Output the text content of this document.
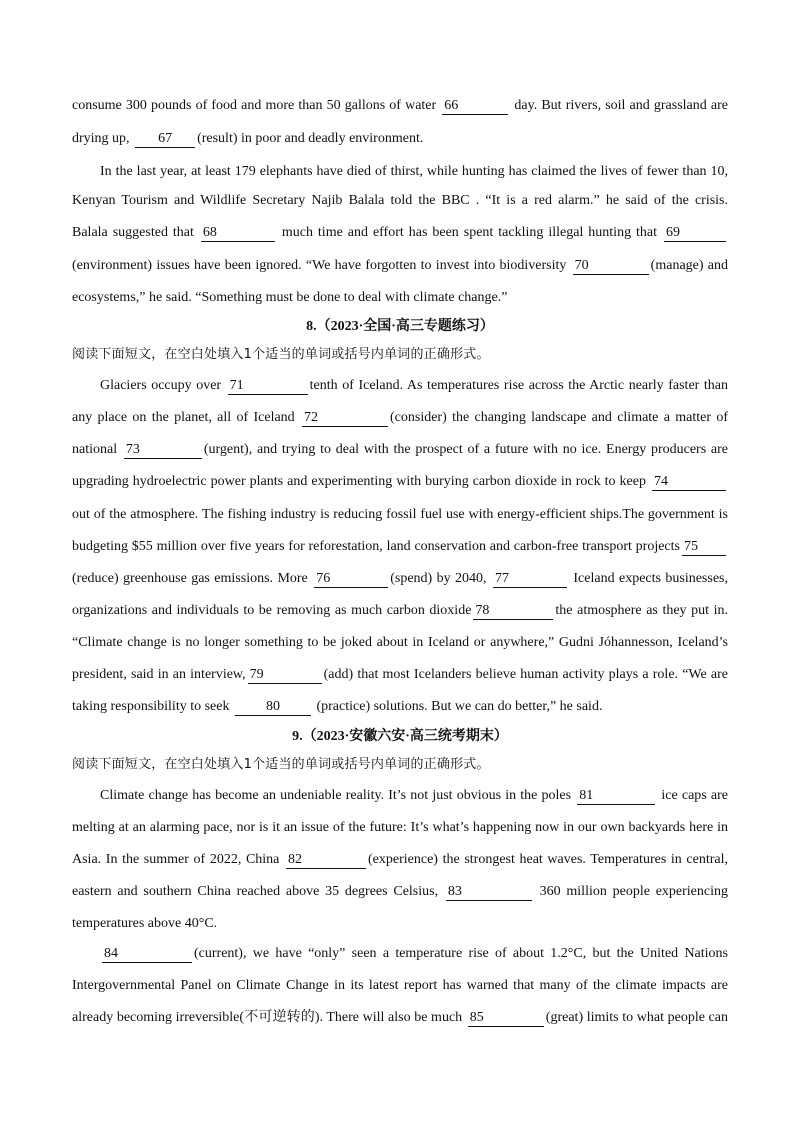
consume 300 pounds of food and more than 50 gallons of water 66	day. But rivers, soil and grassland are
drying up, 67 (result) in poor and deadly environment.
In the last year, at least 179 elephants have died of thirst, while hunting has claimed the lives of fewer than 10,
Kenyan Tourism and Wildlife Secretary Najib Balala told the BBC . “It is a red alarm.” he said of the crisis.
Balala suggested that 68	much time and effort has been spent tackling illegal hunting that 69
(environment) issues have been ignored. “We have forgotten to invest into biodiversity 70	(manage) and
ecosystems,” he said. “Something must be done to deal with climate change.”
8.（2023·全国·高三专题练习）
阅读下面短文，在空白处填入1个适当的单词或括号内单词的正确形式。
Glaciers occupy over 71	tenth of Iceland. As temperatures rise across the Arctic nearly faster than
any place on the planet, all of Iceland 72	(consider) the changing landscape and climate a matter of
national 73	(urgent), and trying to deal with the prospect of a future with no ice. Energy producers are
upgrading hydroelectric power plants and experimenting with burying carbon dioxide in rock to keep 74
out of the atmosphere. The fishing industry is reducing fossil fuel use with energy-efficient ships.The government is
budgeting $55 million over five years for reforestation, land conservation and carbon-free transport projects 75
(reduce) greenhouse gas emissions. More 76	(spend) by 2040, 77	Iceland expects businesses,
organizations and individuals to be removing as much carbon dioxide 78	the atmosphere as they put in.
“Climate change is no longer something to be joked about in Iceland or anywhere,” Gudni Jóhannesson, Iceland’s
president, said in an interview, 79	(add) that most Icelanders believe human activity plays a role. “We are
taking responsibility to seek 80 (practice) solutions. But we can do better,” he said.
9.（2023·安徽六安·高三统考期末）
阅读下面短文，在空白处填入1个适当的单词或括号内单词的正确形式。
Climate change has become an undeniable reality. It’s not just obvious in the poles 81	ice caps are
melting at an alarming pace, nor is it an issue of the future: It’s what’s happening now in our own backyards here in
Asia. In the summer of 2022, China 82	(experience) the strongest heat waves. Temperatures in central,
eastern and southern China reached above 35 degrees Celsius, 83	360 million people experiencing
temperatures above 40°C.
84	(current), we have “only” seen a temperature rise of about 1.2°C, but the United Nations
Intergovernmental Panel on Climate Change in its latest report has warned that many of the climate impacts are
already becoming irreversible(不可逆转的). There will also be much 85	(great) limits to what people can
